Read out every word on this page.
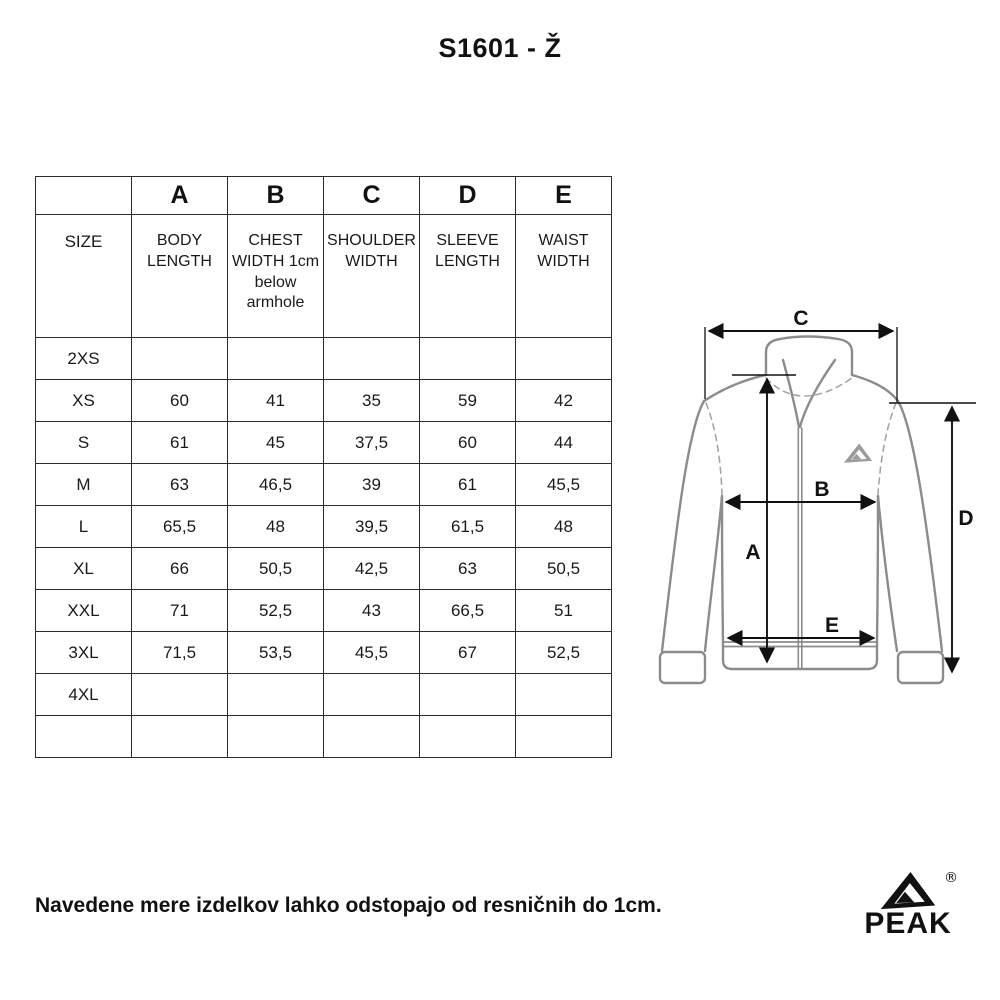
S1601 - Ž
	A	B	C	D	E
SIZE	BODY LENGTH	CHEST WIDTH 1cm below armhole	SHOULDER WIDTH	SLEEVE LENGTH	WAIST WIDTH
2XS					
XS	60	41	35	59	42
S	61	45	37,5	60	44
M	63	46,5	39	61	45,5
L	65,5	48	39,5	61,5	48
XL	66	50,5	42,5	63	50,5
XXL	71	52,5	43	66,5	51
3XL	71,5	53,5	45,5	67	52,5
4XL					

C
A
B
D
E
Navedene mere izdelkov lahko odstopajo od resničnih do 1cm.
®
PEAK
